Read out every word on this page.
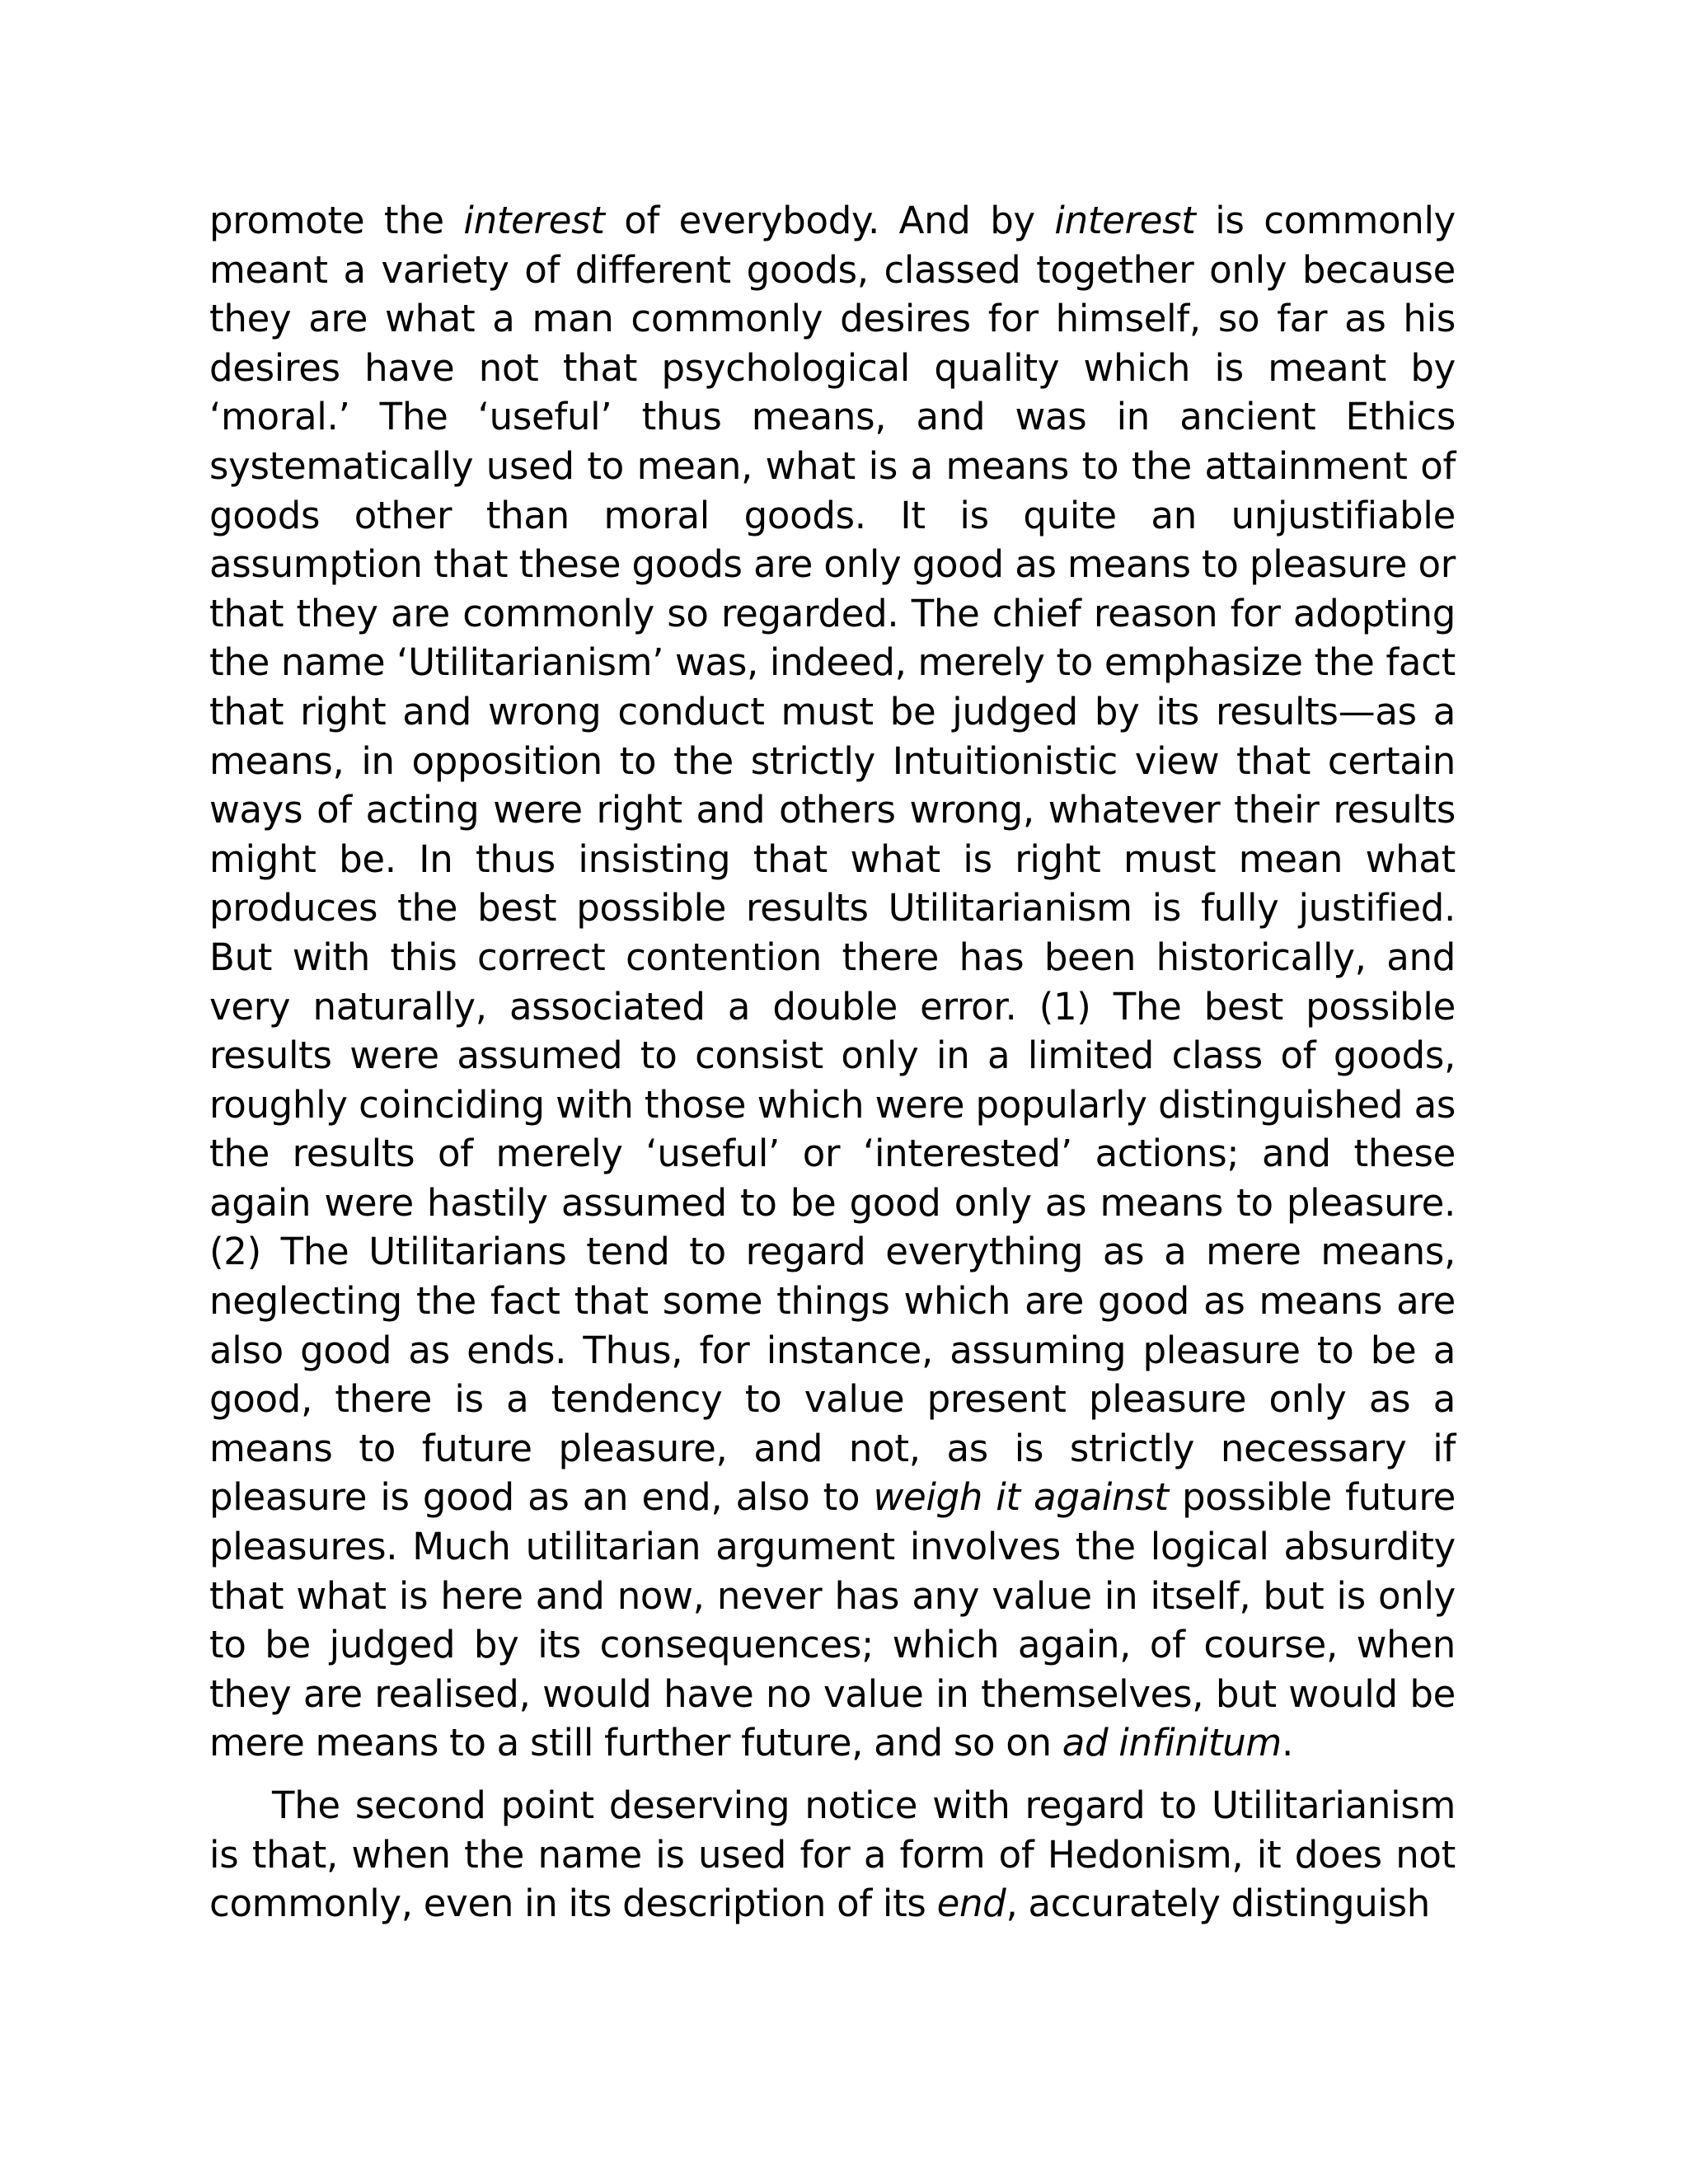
promote the interest of everybody. And by interest is commonly meant a variety of different goods, classed together only because they are what a man commonly desires for himself, so far as his desires have not that psychological quality which is meant by ‘moral.’ The ‘useful’ thus means, and was in ancient Ethics systematically used to mean, what is a means to the attainment of goods other than moral goods. It is quite an unjustifiable assumption that these goods are only good as means to pleasure or that they are commonly so regarded. The chief reason for adopting the name ‘Utilitarianism’ was, indeed, merely to emphasize the fact that right and wrong conduct must be judged by its results—as a means, in opposition to the strictly Intuitionistic view that certain ways of acting were right and others wrong, whatever their results might be. In thus insisting that what is right must mean what produces the best possible results Utilitarianism is fully justified. But with this correct contention there has been historically, and very naturally, associated a double error. (1) The best possible results were assumed to consist only in a limited class of goods, roughly coinciding with those which were popularly distinguished as the results of merely ‘useful’ or ‘interested’ actions; and these again were hastily assumed to be good only as means to pleasure. (2) The Utilitarians tend to regard everything as a mere means, neglecting the fact that some things which are good as means are also good as ends. Thus, for instance, assuming pleasure to be a good, there is a tendency to value present pleasure only as a means to future pleasure, and not, as is strictly necessary if pleasure is good as an end, also to weigh it against possible future pleasures. Much utilitarian argument involves the logical absurdity that what is here and now, never has any value in itself, but is only to be judged by its consequences; which again, of course, when they are realised, would have no value in themselves, but would be mere means to a still further future, and so on ad infinitum.

The second point deserving notice with regard to Utilitarianism is that, when the name is used for a form of Hedonism, it does not commonly, even in its description of its end, accurately distinguish
